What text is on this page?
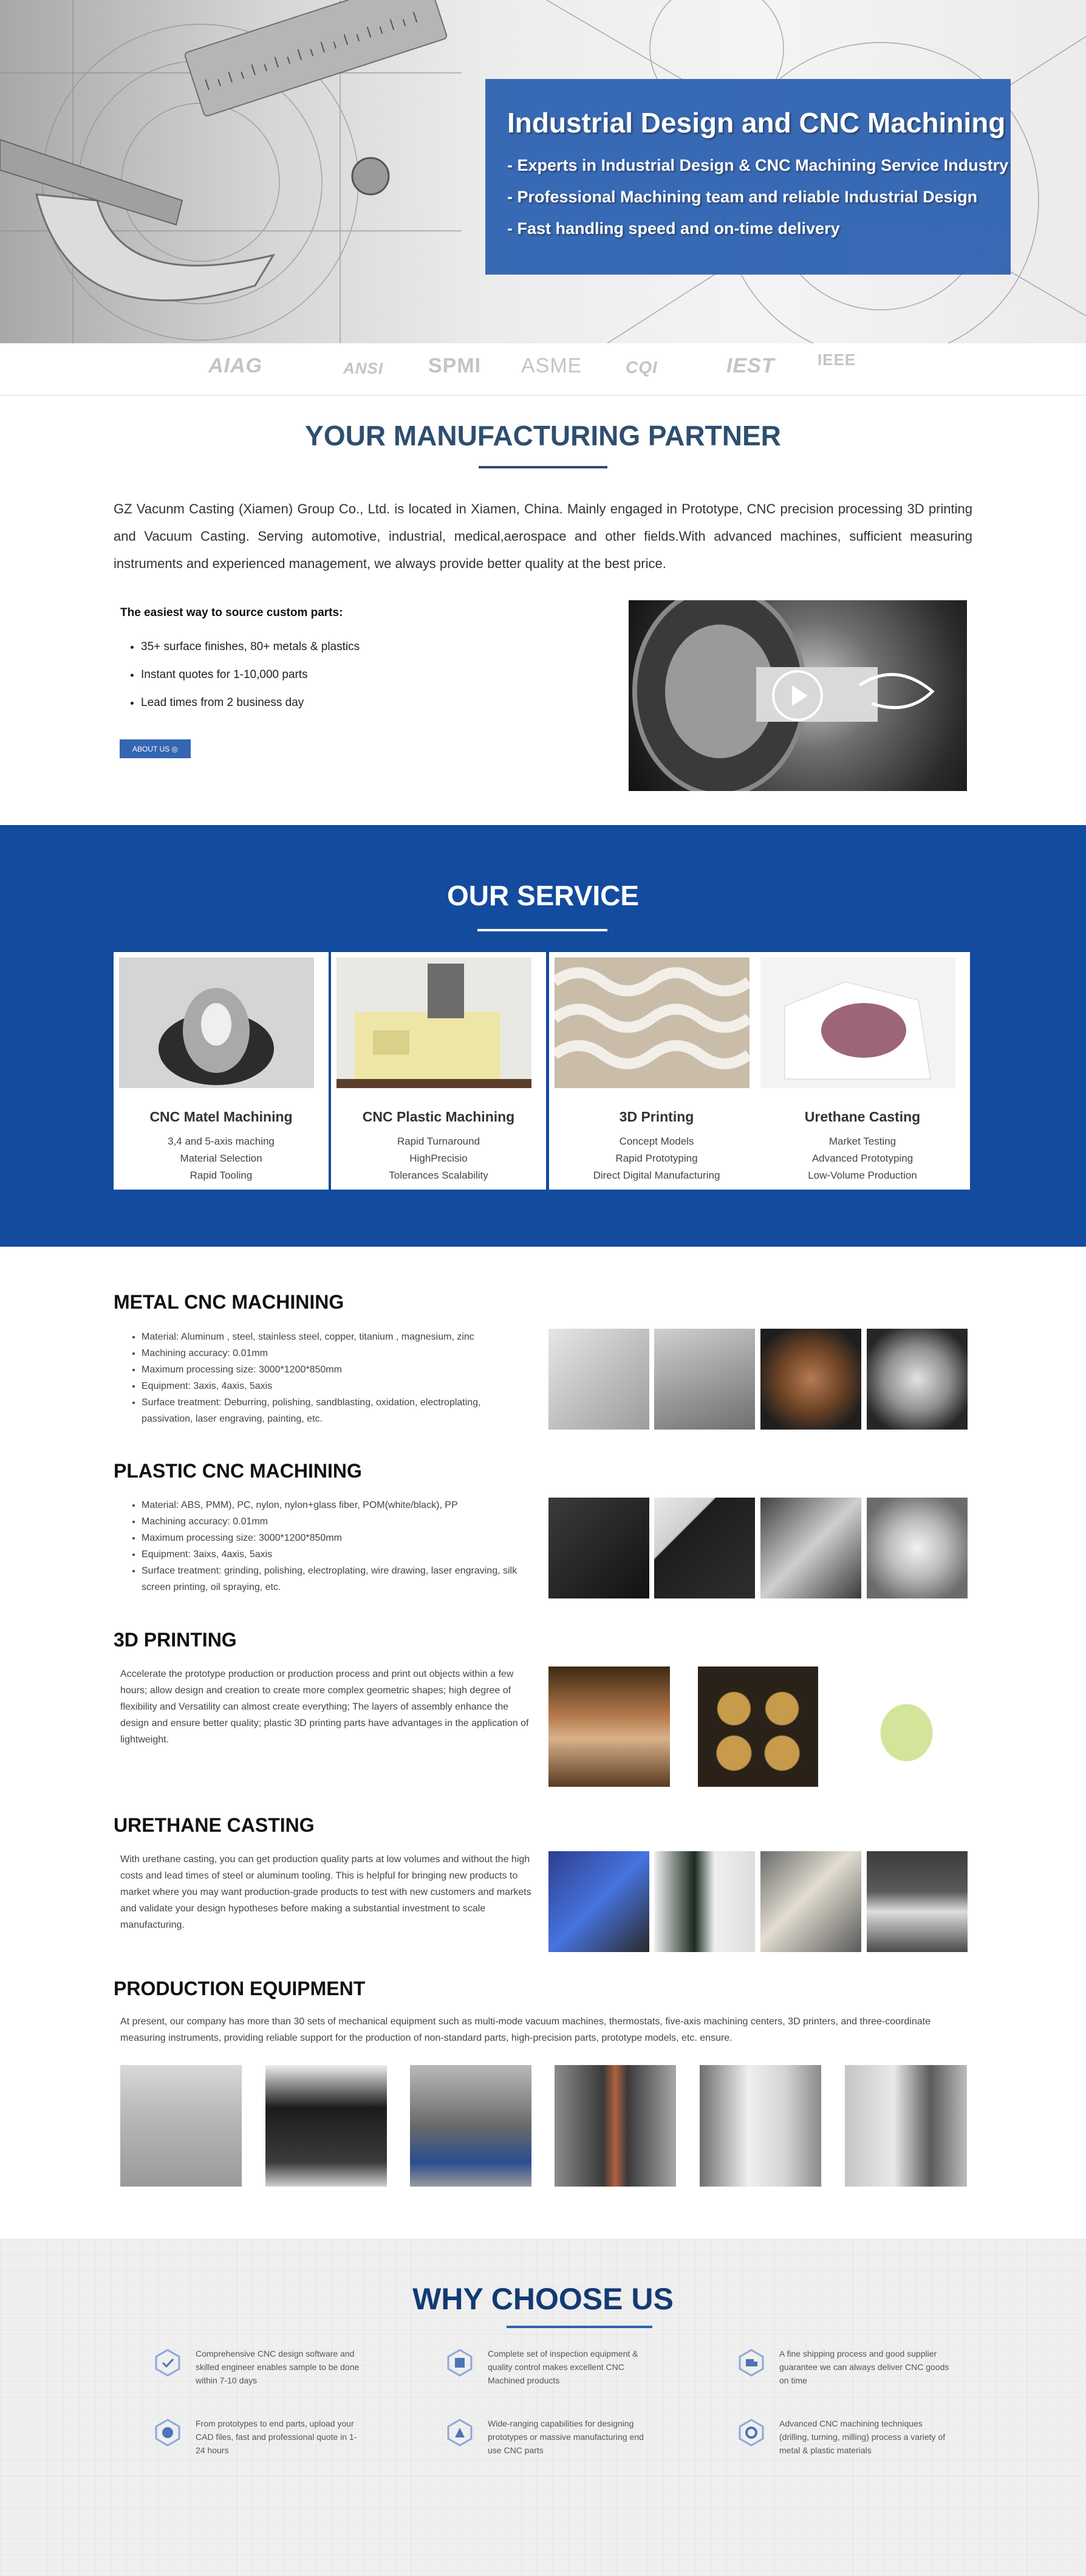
Industrial Design and CNC Machining
- Experts in Industrial Design & CNC Machining Service Industry
- Professional Machining team and reliable Industrial Design
- Fast handling speed and on-time delivery
AIAG	ANSI SPMI ASME	CQI	IEST	IEEE
YOUR MANUFACTURING PARTNER

GZ Vacunm Casting (Xiamen) Group Co., Ltd. is located in Xiamen, China. Mainly engaged in Prototype, CNC precision processing 3D printing and Vacuum Casting. Serving automotive, industrial, medical,aerospace and other fields.With advanced machines, sufficient measuring instruments and experienced management, we always provide better quality at the best price.

The easiest way to source custom parts:
• 35+ surface finishes, 80+ metals & plastics
• Instant quotes for 1-10,000 parts
• Lead times from 2 business day
ABOUT US ◎
OUR SERVICE
CNC Matel Machining
3,4 and 5-axis maching
Material Selection
Rapid Tooling
CNC Plastic Machining
Rapid Turnaround
HighPrecisio
Tolerances Scalability
3D Printing
Concept Models
Rapid Prototyping
Direct Digital Manufacturing
Urethane Casting
Market Testing
Advanced Prototyping
Low-Volume Production
METAL CNC MACHINING
• Material: Aluminum , steel, stainless steel, copper, titanium , magnesium, zinc
• Machining accuracy: 0.01mm
• Maximum processing size: 3000*1200*850mm
• Equipment: 3axis, 4axis, 5axis
• Surface treatment: Deburring, polishing, sandblasting, oxidation, electroplating, passivation, laser engraving, painting, etc.
PLASTIC CNC MACHINING
• Material: ABS, PMM), PC, nylon, nylon+glass fiber, POM(white/black), PP
• Machining accuracy: 0.01mm
• Maximum processing size: 3000*1200*850mm
• Equipment: 3aixs, 4axis, 5axis
• Surface treatment: grinding, polishing, electroplating, wire drawing, laser engraving, silk screen printing, oil spraying, etc.
3D PRINTING

Accelerate the prototype production or production process and print out objects within a few hours; allow design and creation to create more complex geometric shapes; high degree of flexibility and Versatility can almost create everything; The layers of assembly enhance the design and ensure better quality; plastic 3D printing parts have advantages in the application of lightweight.

URETHANE CASTING

With urethane casting, you can get production quality parts at low volumes and without the high costs and lead times of steel or aluminum tooling. This is helpful for bringing new products to market where you may want production-grade products to test with new customers and markets and validate your design hypotheses before making a substantial investment to scale manufacturing.

PRODUCTION EQUIPMENT

At present, our company has more than 30 sets of mechanical equipment such as multi-mode vacuum machines, thermostats, five-axis machining centers, 3D printers, and three-coordinate measuring instruments, providing reliable support for the production of non-standard parts, high-precision parts, prototype models, etc. ensure.

WHY CHOOSE US
Comprehensive CNC design software and skilled engineer enables sample to be done within 7-10 days
Complete set of inspection equipment & quality control makes excellent CNC Machined products
A fine shipping process and good supplier guarantee we can always deliver CNC goods on time
From prototypes to end parts, upload your CAD files, fast and professional quote in 1-24 hours
Wide-ranging capabilities for designing prototypes or massive manufacturing end use CNC parts
Advanced CNC machining techniques (drilling, turning, milling) process a variety of metal & plastic materials
